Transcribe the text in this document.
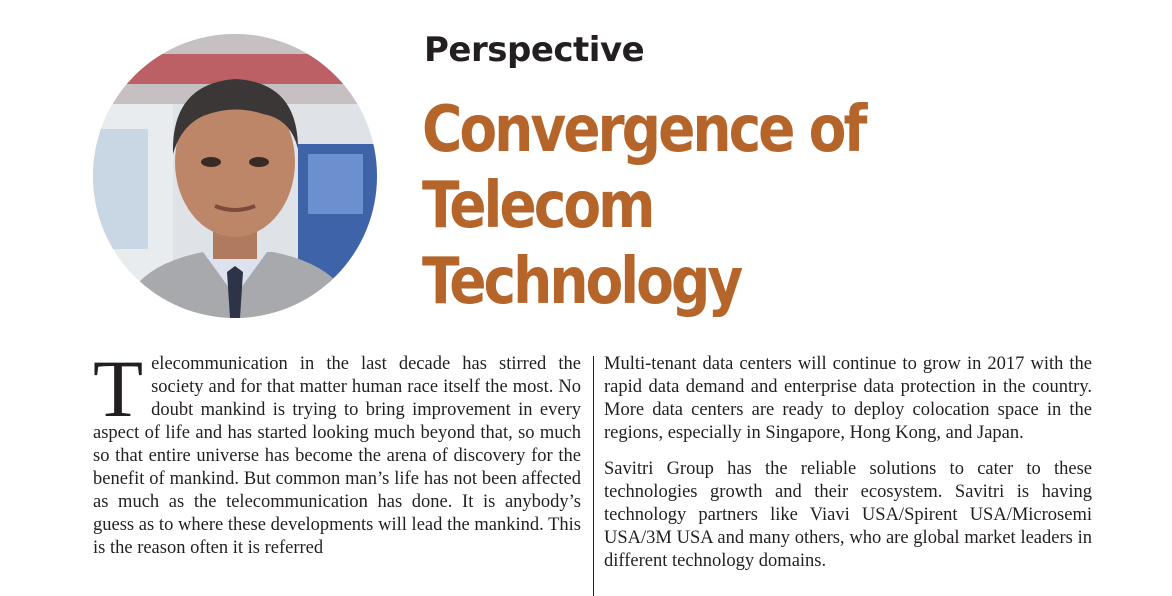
Perspective
Convergence of Telecom
Technology

Telecommunication in the last decade has stirred the society and for that matter human race itself the most. No doubt mankind is trying to bring improvement in every aspect of life and has started looking much beyond that, so much so that entire universe has become the arena of discovery for the benefit of mankind. But common man’s life has not been affected as much as the telecommunication has done. It is anybody’s guess as to where these developments will lead the mankind. This is the reason often it is referred

Multi-tenant data centers will continue to grow in 2017 with the rapid data demand and enterprise data protection in the country. More data centers are ready to deploy colocation space in the regions, especially in Singapore, Hong Kong, and Japan.

Savitri Group has the reliable solutions to cater to these technologies growth and their ecosystem. Savitri is having technology partners like Viavi USA/Spirent USA/Microsemi USA/3M USA and many others, who are global market leaders in different technology domains.
